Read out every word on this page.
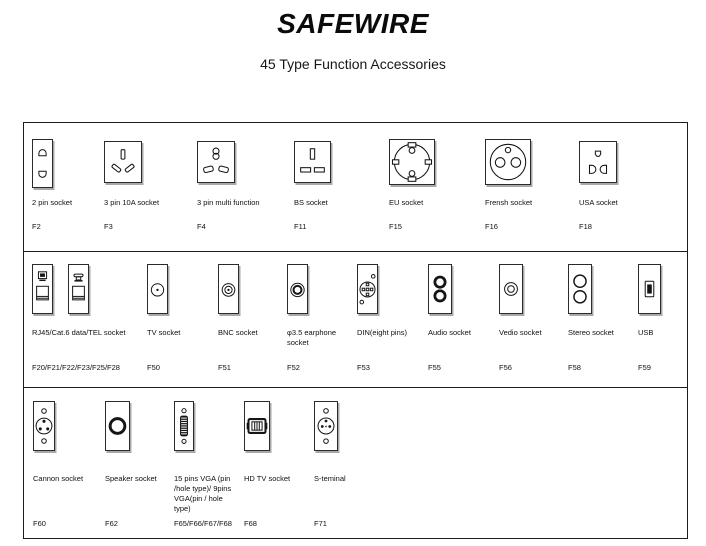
SAFEWIRE
45 Type Function Accessories
2 pin socket
F2
3 pin 10A socket
F3
3 pin multi function
F4
BS socket
F11
EU socket
F15
Frensh socket
F16
USA socket
F18
RJ45/Cat.6 data/TEL socket
F20/F21/F22/F23/F25/F28
TV socket
F50
BNC socket
F51
φ3.5 earphone socket
F52
DIN(eight pins)
F53
Audio socket
F55
Vedio socket
F56
Stereo socket
F58
USB
F59
Cannon socket
F60
Speaker socket
F62
15 pins VGA (pin /hole type)/ 9pins VGA(pin / hole type)
F65/F66/F67/F68
HD TV socket
F68
S-teminal
F71
